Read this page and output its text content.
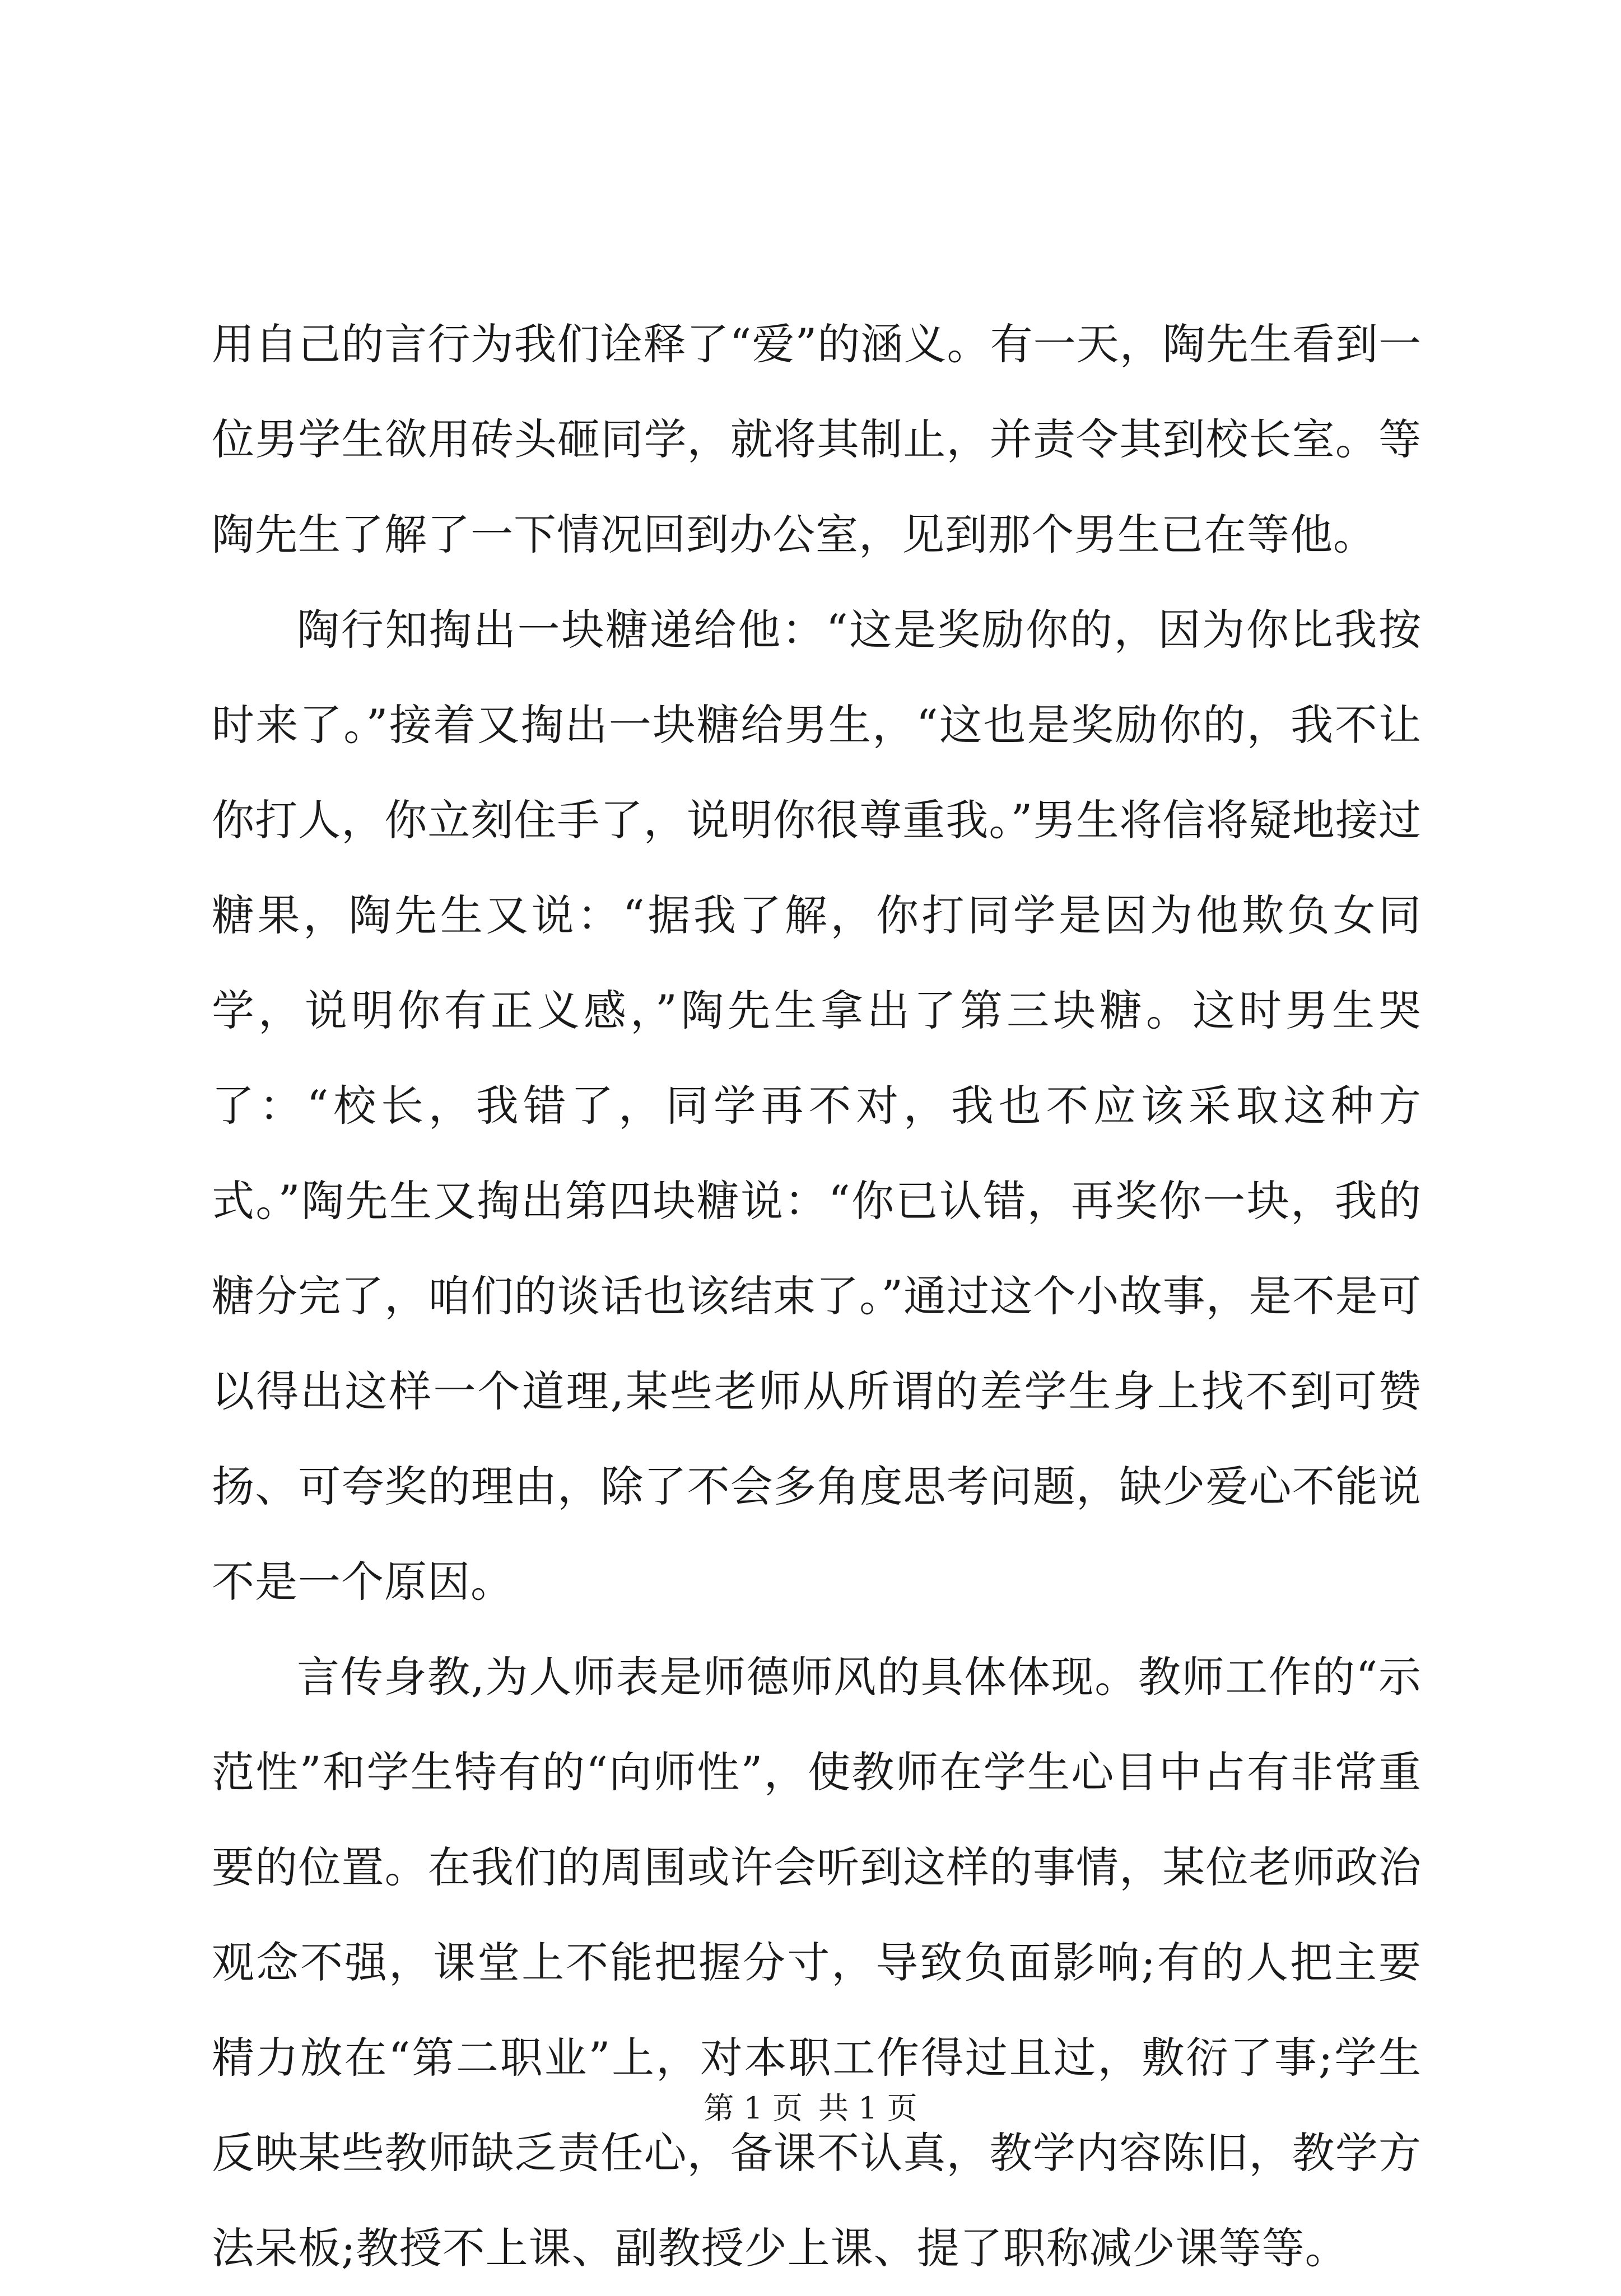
用自己的言行为我们诠释了“爱”的涵义。有一天，陶先生看到一位男学生欲用砖头砸同学，就将其制止，并责令其到校长室。等陶先生了解了一下情况回到办公室，见到那个男生已在等他。

陶行知掏出一块糖递给他：“这是奖励你的，因为你比我按时来了。”接着又掏出一块糖给男生，“这也是奖励你的，我不让你打人，你立刻住手了，说明你很尊重我。”男生将信将疑地接过糖果，陶先生又说：“据我了解，你打同学是因为他欺负女同学，说明你有正义感，”陶先生拿出了第三块糖。这时男生哭了：“校长，我错了，同学再不对，我也不应该采取这种方式。”陶先生又掏出第四块糖说：“你已认错，再奖你一块，我的糖分完了，咱们的谈话也该结束了。”通过这个小故事，是不是可以得出这样一个道理,某些老师从所谓的差学生身上找不到可赞扬、可夸奖的理由，除了不会多角度思考问题，缺少爱心不能说不是一个原因。

言传身教,为人师表是师德师风的具体体现。教师工作的“示范性”和学生特有的“向师性”，使教师在学生心目中占有非常重要的位置。在我们的周围或许会听到这样的事情，某位老师政治观念不强，课堂上不能把握分寸，导致负面影响;有的人把主要精力放在“第二职业”上，对本职工作得过且过，敷衍了事;学生反映某些教师缺乏责任心，备课不认真，教学内容陈旧，教学方法呆板;教授不上课、副教授少上课、提了职称减少课等等。

第 1 页 共 1 页
